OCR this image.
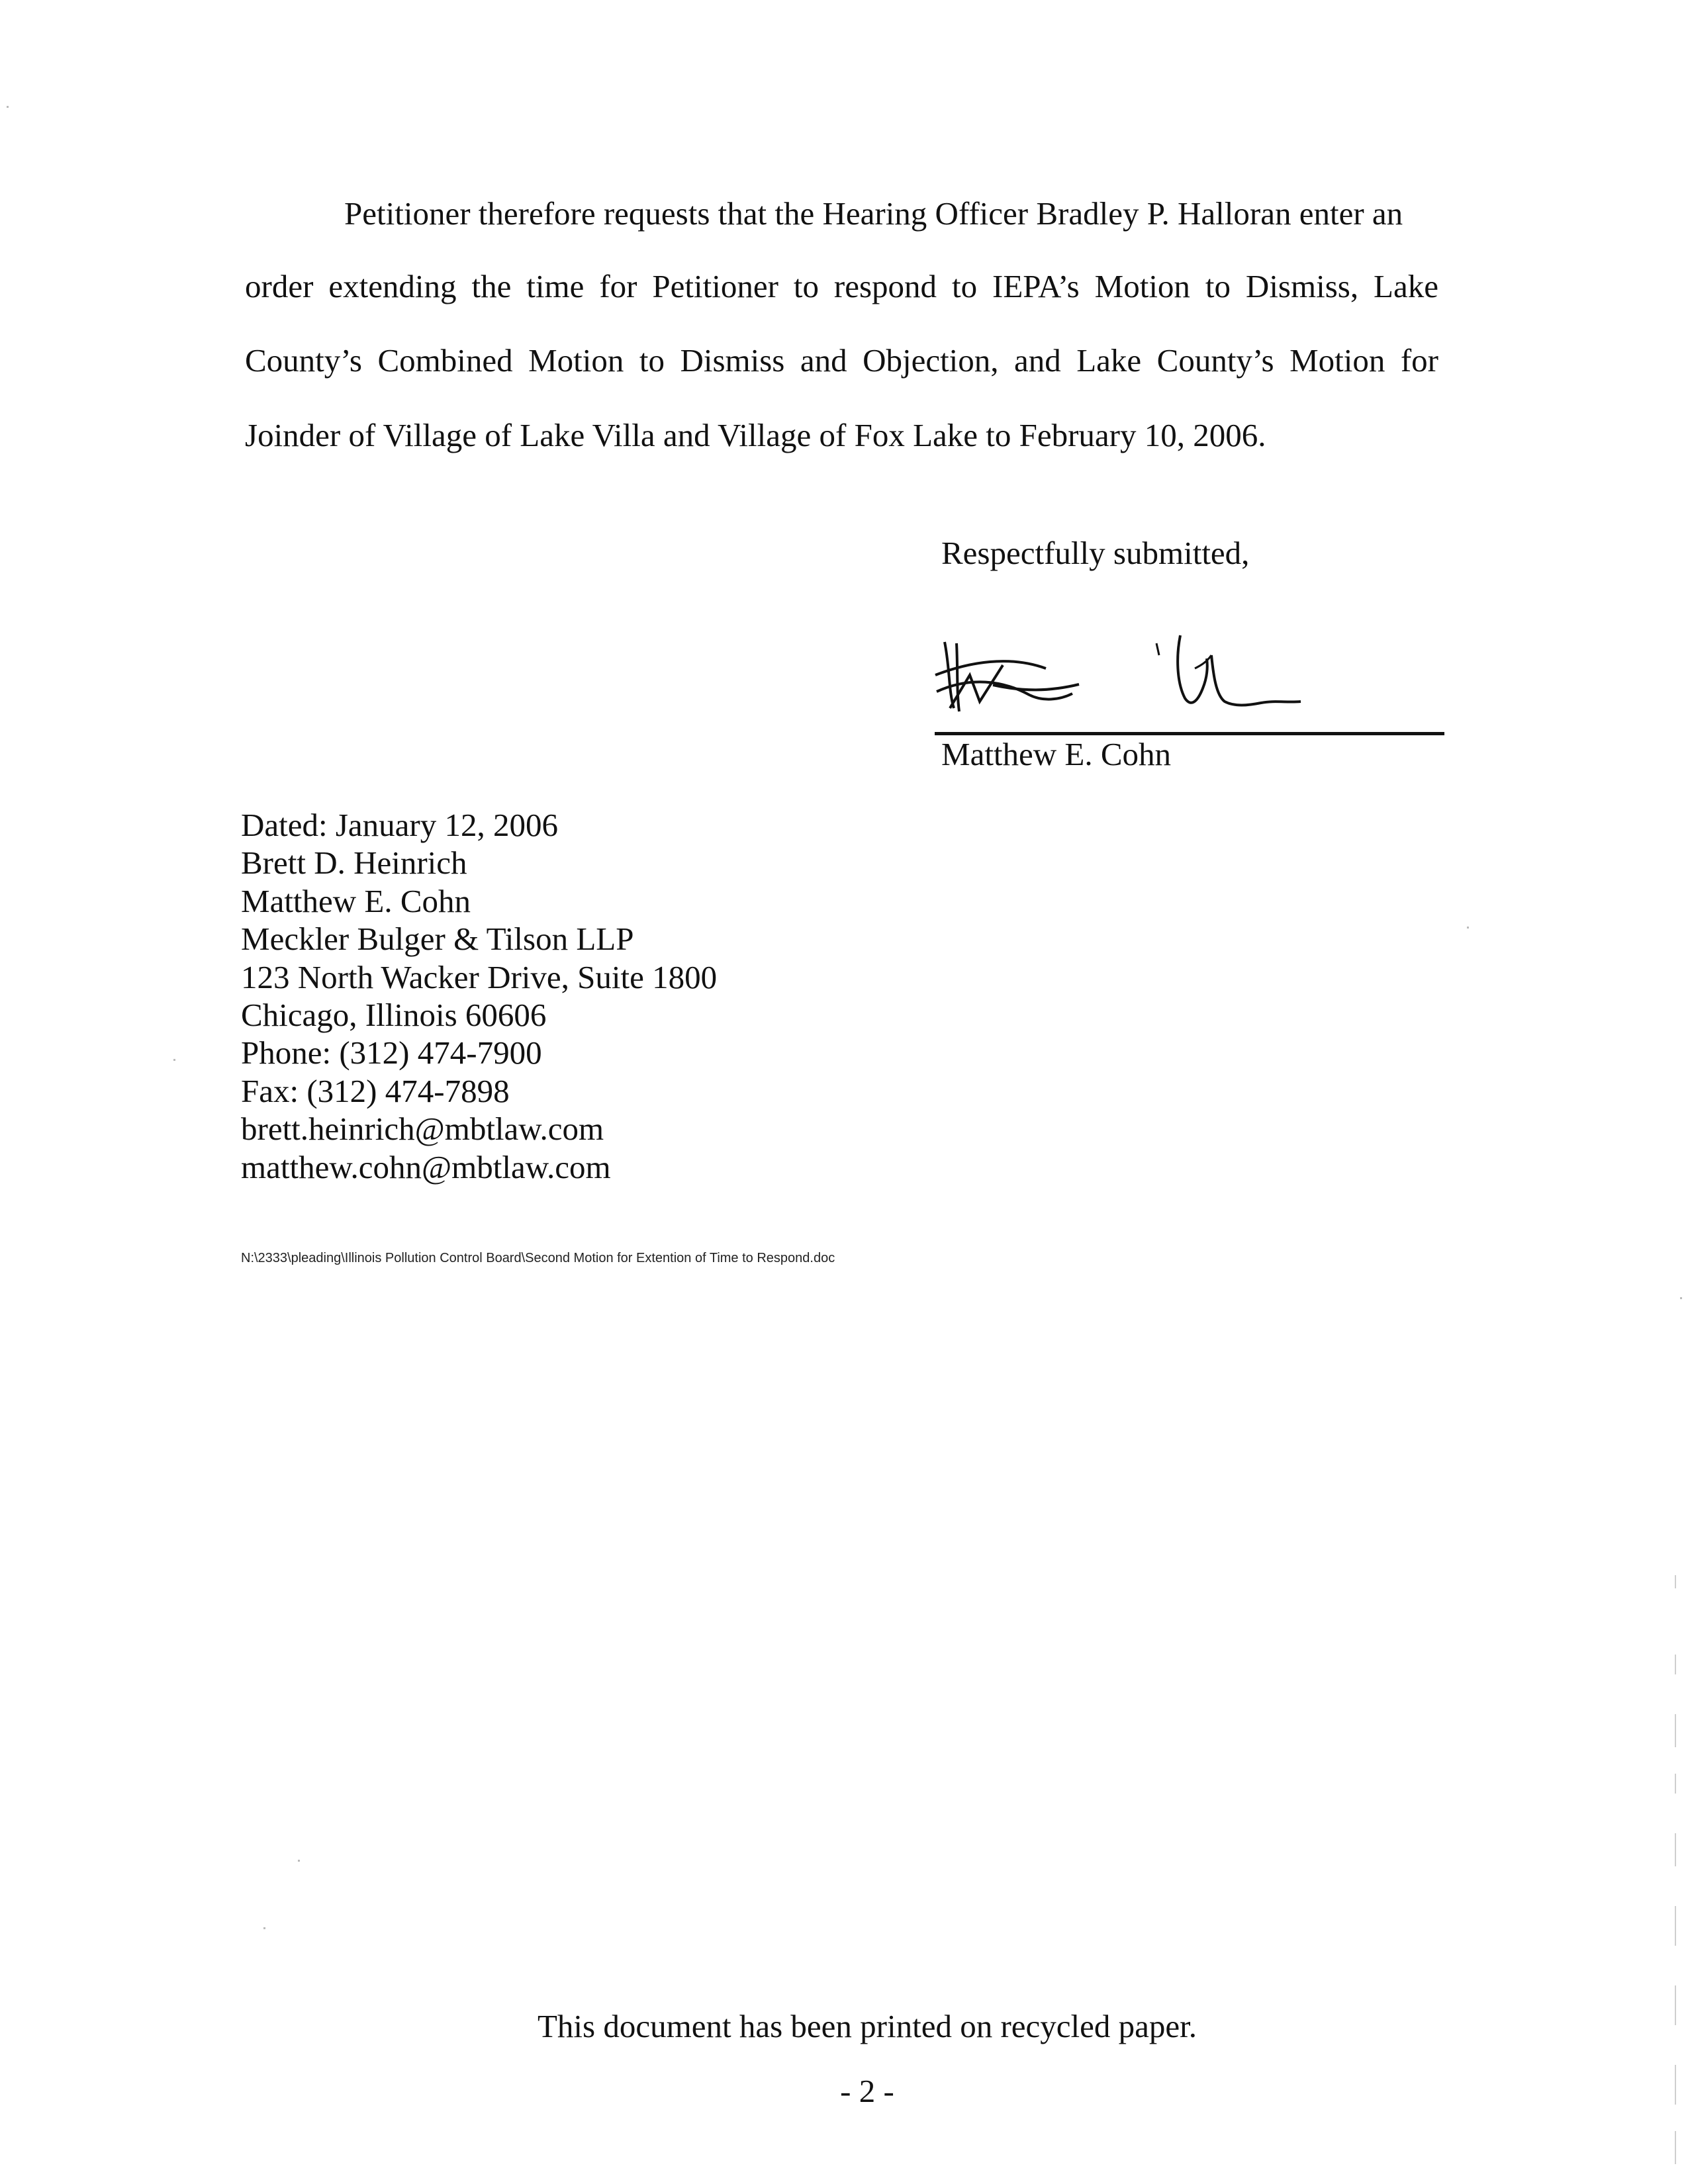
Petitioner therefore requests that the Hearing Officer Bradley P. Halloran enter an
order extending the time for Petitioner to respond to IEPA’s Motion to Dismiss, Lake
County’s Combined Motion to Dismiss and Objection, and Lake County’s Motion for
Joinder of Village of Lake Villa and Village of Fox Lake to February 10, 2006.
Respectfully submitted,
Matthew E. Cohn
Dated: January 12, 2006
Brett D. Heinrich
Matthew E. Cohn
Meckler Bulger & Tilson LLP
123 North Wacker Drive, Suite 1800
Chicago, Illinois 60606
Phone: (312) 474-7900
Fax: (312) 474-7898
brett.heinrich@mbtlaw.com
matthew.cohn@mbtlaw.com
N:\2333\pleading\Illinois Pollution Control Board\Second Motion for Extention of Time to Respond.doc
This document has been printed on recycled paper.
- 2 -
